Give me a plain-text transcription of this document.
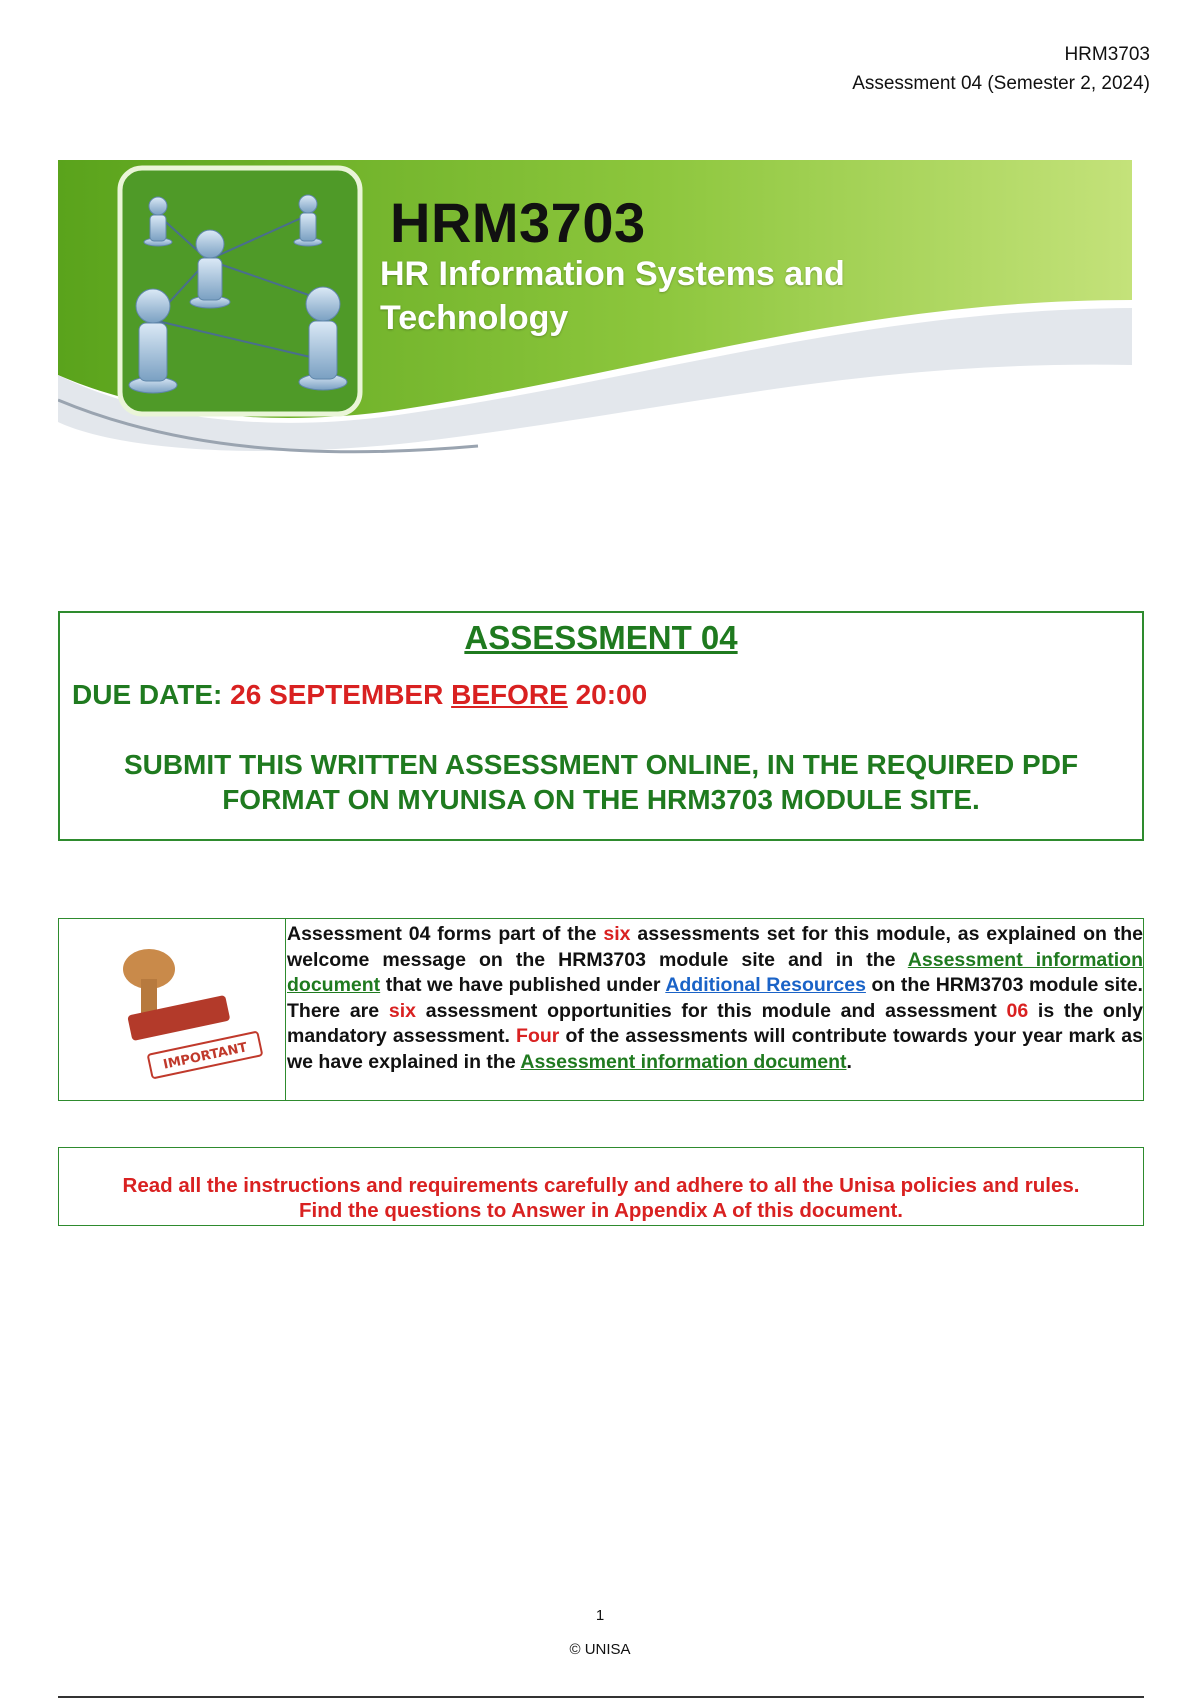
HRM3703
Assessment 04 (Semester 2, 2024)
HRM3703
HR Information Systems and
Technology
ASSESSMENT 04
DUE DATE: 26 SEPTEMBER BEFORE 20:00
SUBMIT THIS WRITTEN ASSESSMENT ONLINE, IN THE REQUIRED PDF
FORMAT ON MYUNISA ON THE HRM3703 MODULE SITE.
IMPORTANT
Assessment 04 forms part of the six assessments set for this module, as explained on the welcome message on the HRM3703 module site and in the Assessment information document that we have published under Additional Resources on the HRM3703 module site. There are six assessment opportunities for this module and assessment 06 is the only mandatory assessment. Four of the assessments will contribute towards your year mark as we have explained in the Assessment information document.
Read all the instructions and requirements carefully and adhere to all the Unisa policies and rules.
Find the questions to Answer in Appendix A of this document.
1
© UNISA
